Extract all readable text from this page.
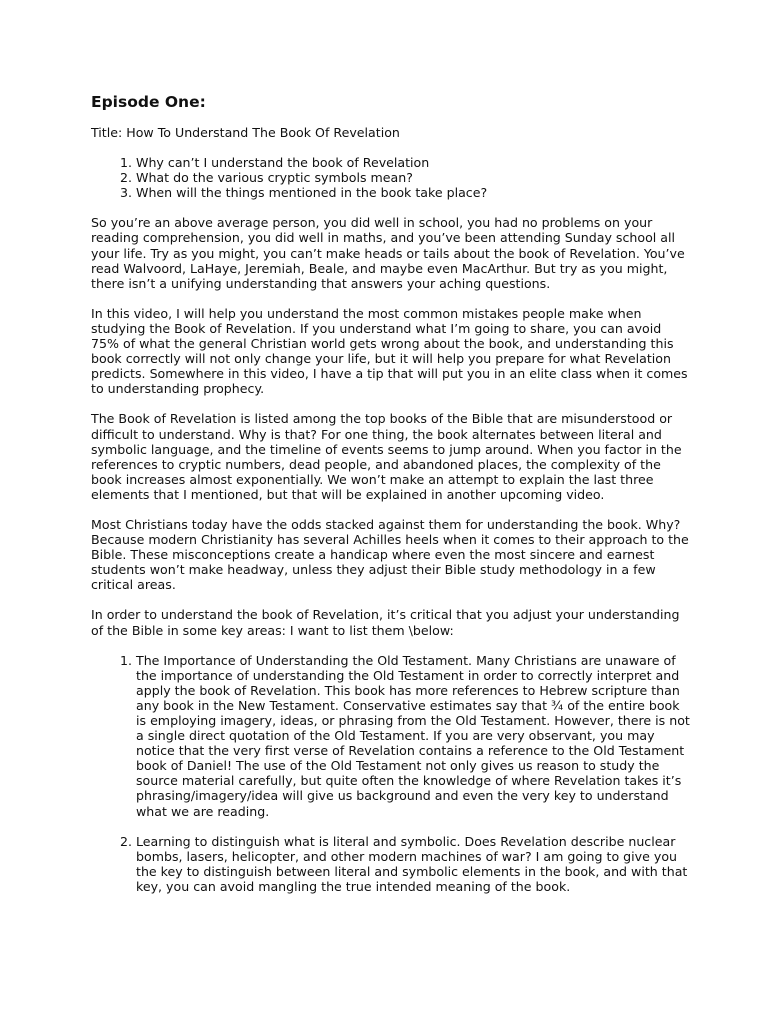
Episode One:
Title: How To Understand The Book Of Revelation
1. Why can’t I understand the book of Revelation
2. What do the various cryptic symbols mean?
3. When will the things mentioned in the book take place?

So you’re an above average person, you did well in school, you had no problems on your reading comprehension, you did well in maths, and you’ve been attending Sunday school all your life. Try as you might, you can’t make heads or tails about the book of Revelation. You’ve read Walvoord, LaHaye, Jeremiah, Beale, and maybe even MacArthur. But try as you might, there isn’t a unifying understanding that answers your aching questions.

In this video, I will help you understand the most common mistakes people make when studying the Book of Revelation. If you understand what I’m going to share, you can avoid 75% of what the general Christian world gets wrong about the book, and understanding this book correctly will not only change your life, but it will help you prepare for what Revelation predicts. Somewhere in this video, I have a tip that will put you in an elite class when it comes to understanding prophecy.

The Book of Revelation is listed among the top books of the Bible that are misunderstood or difficult to understand. Why is that? For one thing, the book alternates between literal and symbolic language, and the timeline of events seems to jump around. When you factor in the references to cryptic numbers, dead people, and abandoned places, the complexity of the book increases almost exponentially. We won’t make an attempt to explain the last three elements that I mentioned, but that will be explained in another upcoming video.

Most Christians today have the odds stacked against them for understanding the book. Why? Because modern Christianity has several Achilles heels when it comes to their approach to the Bible. These misconceptions create a handicap where even the most sincere and earnest students won’t make headway, unless they adjust their Bible study methodology in a few critical areas.

In order to understand the book of Revelation, it’s critical that you adjust your understanding of the Bible in some key areas: I want to list them \below:

1. The Importance of Understanding the Old Testament. Many Christians are unaware of the importance of understanding the Old Testament in order to correctly interpret and apply the book of Revelation. This book has more references to Hebrew scripture than any book in the New Testament. Conservative estimates say that ¾ of the entire book is employing imagery, ideas, or phrasing from the Old Testament. However, there is not a single direct quotation of the Old Testament. If you are very observant, you may notice that the very first verse of Revelation contains a reference to the Old Testament book of Daniel! The use of the Old Testament not only gives us reason to study the source material carefully, but quite often the knowledge of where Revelation takes it’s phrasing/imagery/idea will give us background and even the very key to understand what we are reading.
2. Learning to distinguish what is literal and symbolic. Does Revelation describe nuclear bombs, lasers, helicopter, and other modern machines of war? I am going to give you the key to distinguish between literal and symbolic elements in the book, and with that key, you can avoid mangling the true intended meaning of the book.
